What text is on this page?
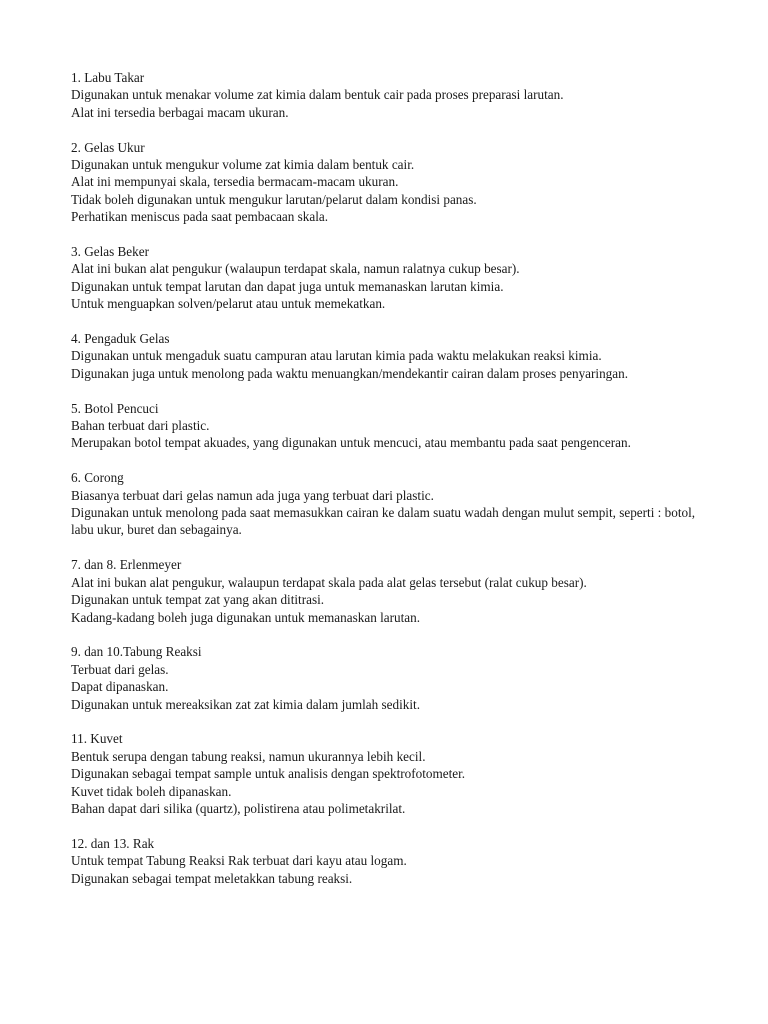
1. Labu Takar
Digunakan untuk menakar volume zat kimia dalam bentuk cair pada proses preparasi larutan.
Alat ini tersedia berbagai macam ukuran.
2. Gelas Ukur
Digunakan untuk mengukur volume zat kimia dalam bentuk cair.
Alat ini mempunyai skala, tersedia bermacam-macam ukuran.
Tidak boleh digunakan untuk mengukur larutan/pelarut dalam kondisi panas.
Perhatikan meniscus pada saat pembacaan skala.
3. Gelas Beker
Alat ini bukan alat pengukur (walaupun terdapat skala, namun ralatnya cukup besar).
Digunakan untuk tempat larutan dan dapat juga untuk memanaskan larutan kimia.
Untuk menguapkan solven/pelarut atau untuk memekatkan.
4. Pengaduk Gelas
Digunakan untuk mengaduk suatu campuran atau larutan kimia pada waktu melakukan reaksi kimia.
Digunakan juga untuk menolong pada waktu menuangkan/mendekantir cairan dalam proses penyaringan.
5. Botol Pencuci
Bahan terbuat dari plastic.
Merupakan botol tempat akuades, yang digunakan untuk mencuci, atau membantu pada saat pengenceran.
6. Corong
Biasanya terbuat dari gelas namun ada juga yang terbuat dari plastic.
Digunakan untuk menolong pada saat memasukkan cairan ke dalam suatu wadah dengan mulut sempit, seperti : botol, labu ukur, buret dan sebagainya.
7. dan 8. Erlenmeyer
Alat ini bukan alat pengukur, walaupun terdapat skala pada alat gelas tersebut (ralat cukup besar).
Digunakan untuk tempat zat yang akan dititrasi.
Kadang-kadang boleh juga digunakan untuk memanaskan larutan.
9. dan 10.Tabung Reaksi
Terbuat dari gelas.
Dapat dipanaskan.
Digunakan untuk mereaksikan zat zat kimia dalam jumlah sedikit.
11. Kuvet
Bentuk serupa dengan tabung reaksi, namun ukurannya lebih kecil.
Digunakan sebagai tempat sample untuk analisis dengan spektrofotometer.
Kuvet tidak boleh dipanaskan.
Bahan dapat dari silika (quartz), polistirena atau polimetakrilat.
12. dan 13. Rak
Untuk tempat Tabung Reaksi Rak terbuat dari kayu atau logam.
Digunakan sebagai tempat meletakkan tabung reaksi.
